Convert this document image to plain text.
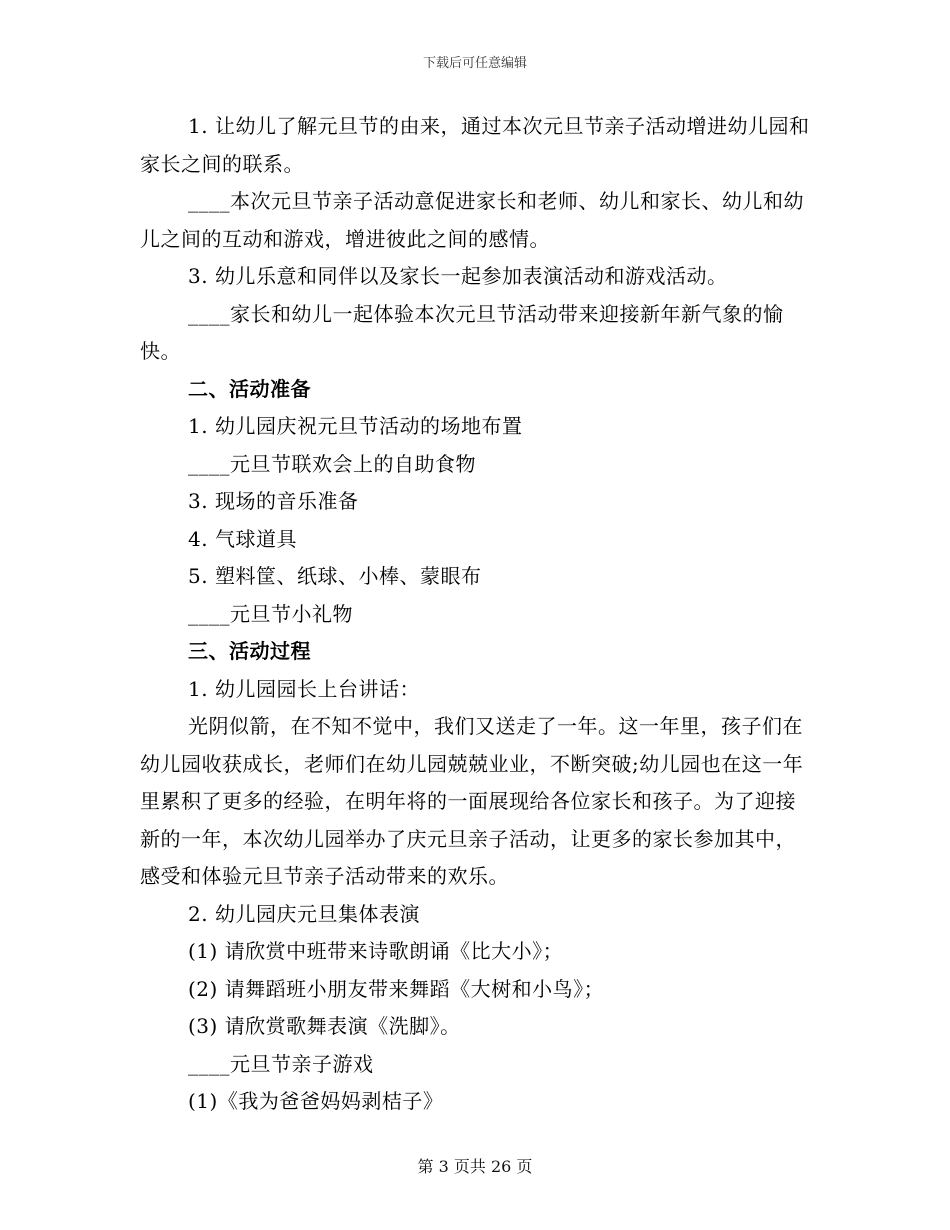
下载后可任意编辑

1. 让幼儿了解元旦节的由来，通过本次元旦节亲子活动增进幼儿园和家长之间的联系。

____本次元旦节亲子活动意促进家长和老师、幼儿和家长、幼儿和幼儿之间的互动和游戏，增进彼此之间的感情。

3. 幼儿乐意和同伴以及家长一起参加表演活动和游戏活动。

____家长和幼儿一起体验本次元旦节活动带来迎接新年新气象的愉快。

二、活动准备

1. 幼儿园庆祝元旦节活动的场地布置

____元旦节联欢会上的自助食物

3. 现场的音乐准备

4. 气球道具

5. 塑料筐、纸球、小棒、蒙眼布

____元旦节小礼物

三、活动过程

1. 幼儿园园长上台讲话：

光阴似箭，在不知不觉中，我们又送走了一年。这一年里，孩子们在幼儿园收获成长，老师们在幼儿园兢兢业业，不断突破;幼儿园也在这一年里累积了更多的经验，在明年将的一面展现给各位家长和孩子。为了迎接新的一年，本次幼儿园举办了庆元旦亲子活动，让更多的家长参加其中，感受和体验元旦节亲子活动带来的欢乐。

2. 幼儿园庆元旦集体表演

(1) 请欣赏中班带来诗歌朗诵《比大小》；

(2) 请舞蹈班小朋友带来舞蹈《大树和小鸟》；

(3) 请欣赏歌舞表演《洗脚》。

____元旦节亲子游戏

(1)《我为爸爸妈妈剥桔子》

第 3 页共 26 页
